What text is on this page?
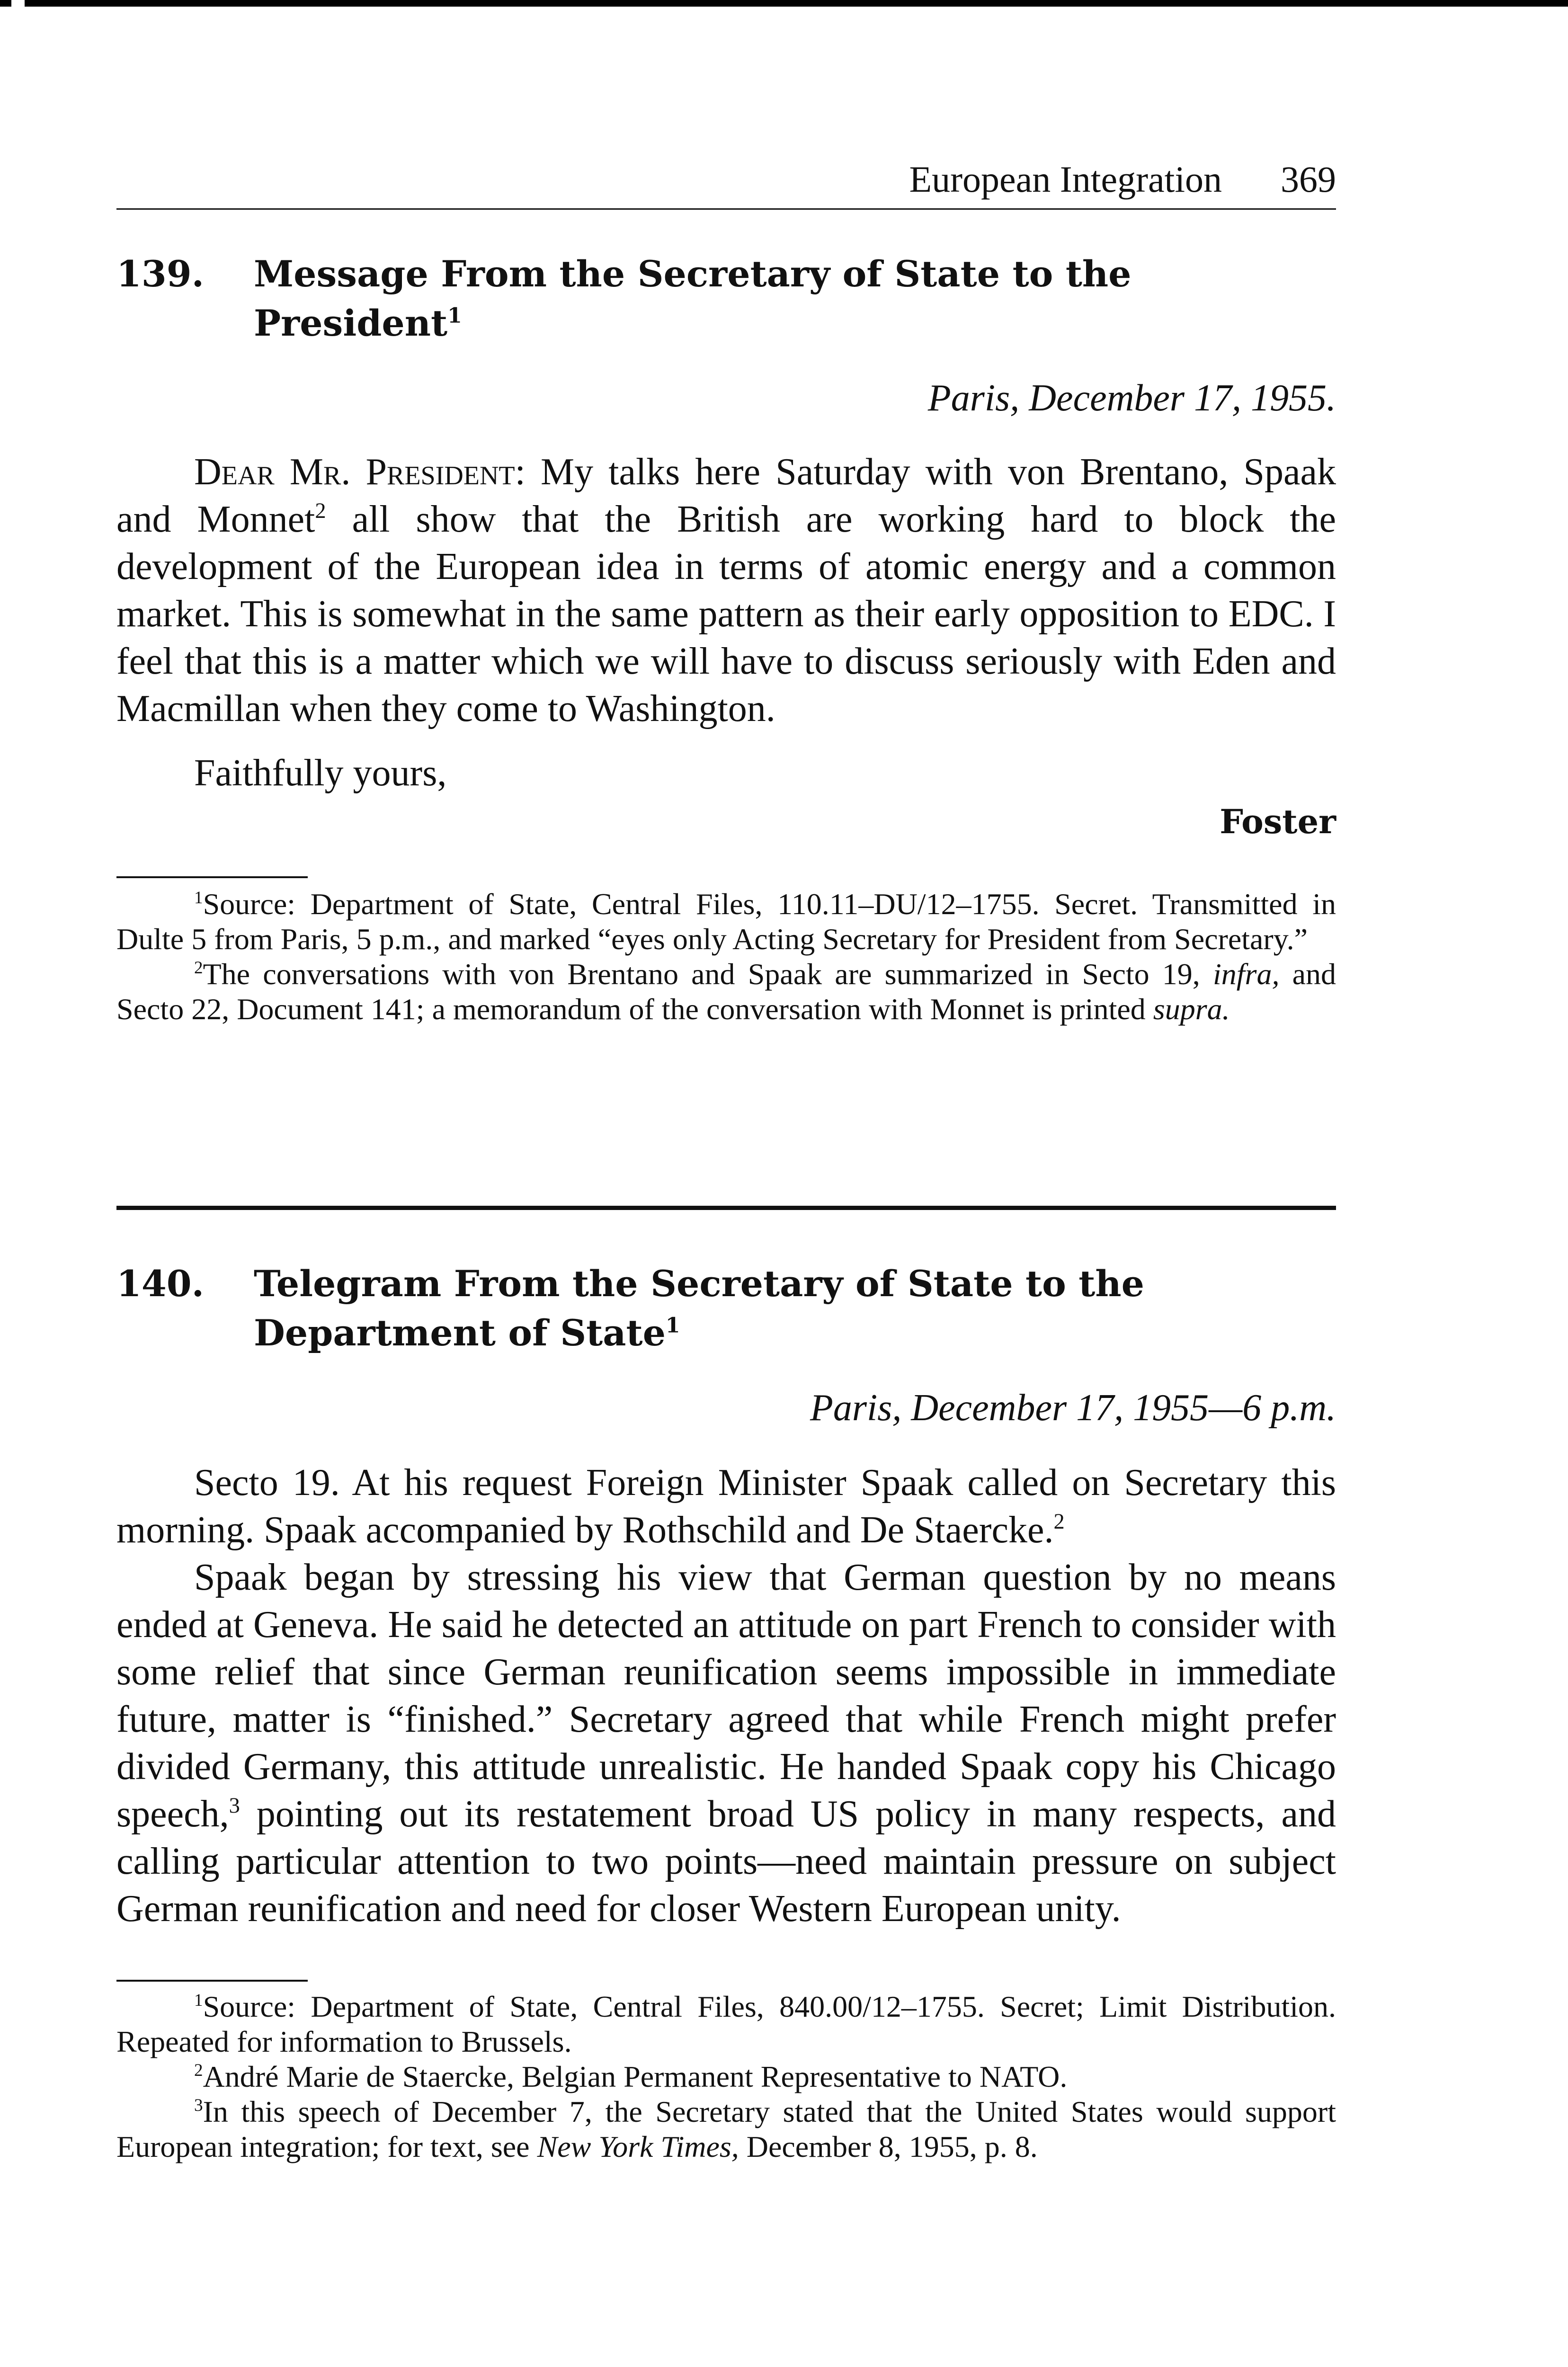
European Integration 369
139.	Message From the Secretary of State to the President$^1$
Paris, December 17, 1955.

Dear Mr. President: My talks here Saturday with von Brentano, Spaak and Monnet$^2$ all show that the British are working hard to block the development of the European idea in terms of atomic energy and a common market. This is somewhat in the same pattern as their early opposition to EDC. I feel that this is a matter which we will have to discuss seriously with Eden and Macmillan when they come to Washington.

Faithfully yours,
Foster

$^1$Source: Department of State, Central Files, 110.11–DU/12–1755. Secret. Transmitted in Dulte 5 from Paris, 5 p.m., and marked “eyes only Acting Secretary for President from Secretary.”

$^2$The conversations with von Brentano and Spaak are summarized in Secto 19, infra, and Secto 22, Document 141; a memorandum of the conversation with Monnet is printed supra.

140.	Telegram From the Secretary of State to the Department of State$^1$
Paris, December 17, 1955—6 p.m.

Secto 19. At his request Foreign Minister Spaak called on Secretary this morning. Spaak accompanied by Rothschild and De Staercke.$^2$

Spaak began by stressing his view that German question by no means ended at Geneva. He said he detected an attitude on part French to consider with some relief that since German reunification seems impossible in immediate future, matter is “finished.” Secretary agreed that while French might prefer divided Germany, this attitude unrealistic. He handed Spaak copy his Chicago speech,$^3$ pointing out its restatement broad US policy in many respects, and calling particular attention to two points—need maintain pressure on subject German reunification and need for closer Western European unity.

$^1$Source: Department of State, Central Files, 840.00/12–1755. Secret; Limit Distribution. Repeated for information to Brussels.

$^2$André Marie de Staercke, Belgian Permanent Representative to NATO.

$^3$In this speech of December 7, the Secretary stated that the United States would support European integration; for text, see New York Times, December 8, 1955, p. 8.
